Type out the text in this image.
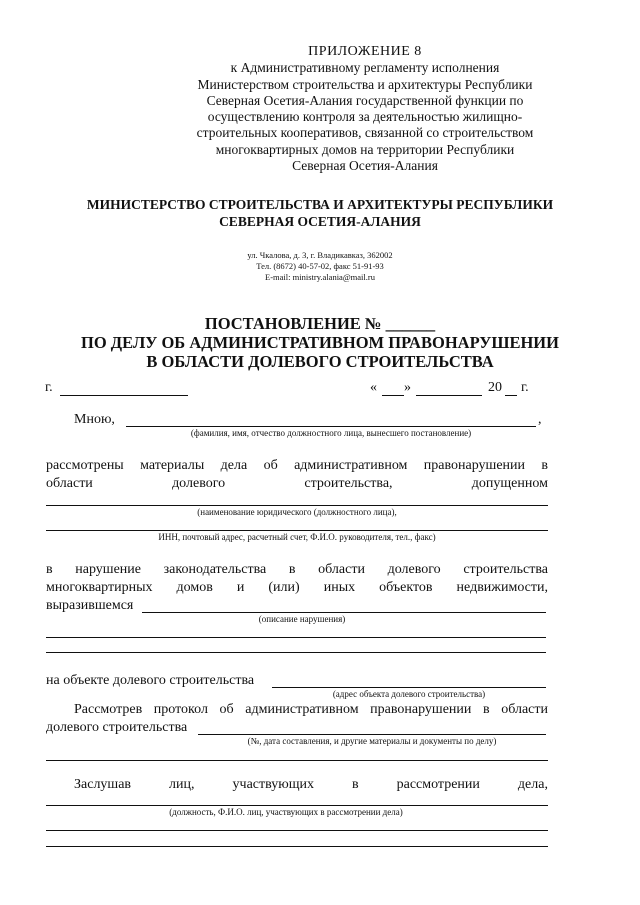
ПРИЛОЖЕНИЕ 8
к Административному регламенту исполнения
Министерством строительства и архитектуры Республики
Северная Осетия-Алания государственной функции по
осуществлению контроля за деятельностью жилищно-
строительных кооперативов, связанной со строительством
многоквартирных домов на территории Республики
Северная Осетия-Алания
МИНИСТЕРСТВО СТРОИТЕЛЬСТВА И АРХИТЕКТУРЫ РЕСПУБЛИКИ
СЕВЕРНАЯ ОСЕТИЯ-АЛАНИЯ
ул. Чкалова, д. 3, г. Владикавказ, 362002
Тел. (8672) 40-57-02, факс 51-91-93
E-mail: ministry.alania@mail.ru
ПОСТАНОВЛЕНИЕ № ______
ПО ДЕЛУ ОБ АДМИНИСТРАТИВНОМ ПРАВОНАРУШЕНИИ
В ОБЛАСТИ ДОЛЕВОГО СТРОИТЕЛЬСТВА
г.	« »	20 г.
Мною,	,
(фамилия, имя, отчество должностного лица, вынесшего постановление)
рассмотрены материалы дела об административном правонарушении в
области	долевого	строительства,	допущенном
(наименование юридического (должностного лица),
ИНН, почтовый адрес, расчетный счет, Ф.И.О. руководителя, тел., факс)
в нарушение законодательства в области долевого строительства
многоквартирных домов и (или) иных объектов недвижимости,
выразившемся
(описание нарушения)
на объекте долевого строительства
(адрес объекта долевого строительства)
Рассмотрев протокол об административном правонарушении в области
долевого строительства
(№, дата составления, и другие материалы и документы по делу)
Заслушав	лиц,	участвующих	в	рассмотрении	дела,
(должность, Ф.И.О. лиц, участвующих в рассмотрении дела)
